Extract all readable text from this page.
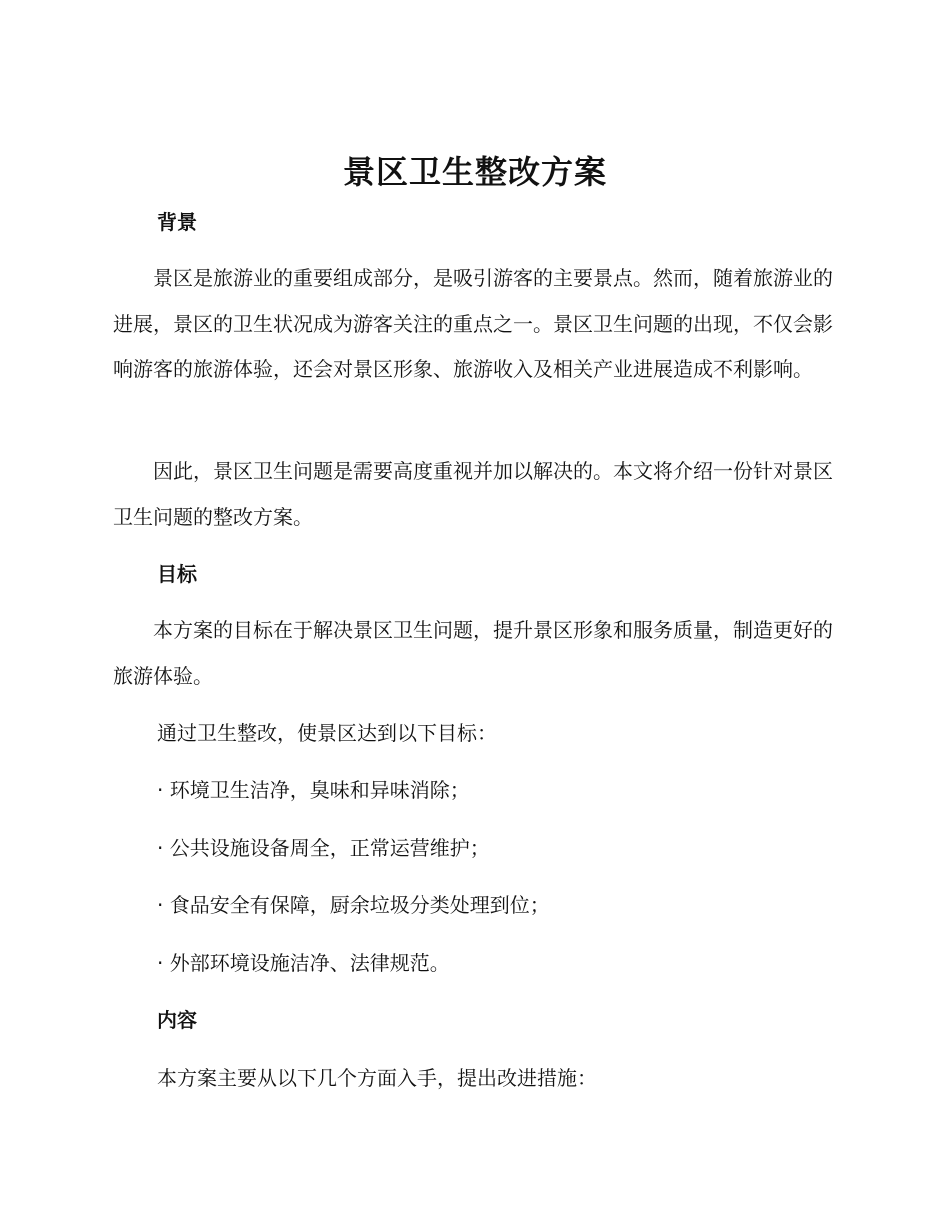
景区卫生整改方案
背景

景区是旅游业的重要组成部分，是吸引游客的主要景点。然而，随着旅游业的进展，景区的卫生状况成为游客关注的重点之一。景区卫生问题的出现，不仅会影响游客的旅游体验，还会对景区形象、旅游收入及相关产业进展造成不利影响。

因此，景区卫生问题是需要高度重视并加以解决的。本文将介绍一份针对景区卫生问题的整改方案。

目标

本方案的目标在于解决景区卫生问题，提升景区形象和服务质量，制造更好的旅游体验。

通过卫生整改，使景区达到以下目标：
· 环境卫生洁净，臭味和异味消除；
· 公共设施设备周全，正常运营维护；
· 食品安全有保障，厨余垃圾分类处理到位；
· 外部环境设施洁净、法律规范。
内容
本方案主要从以下几个方面入手，提出改进措施：
